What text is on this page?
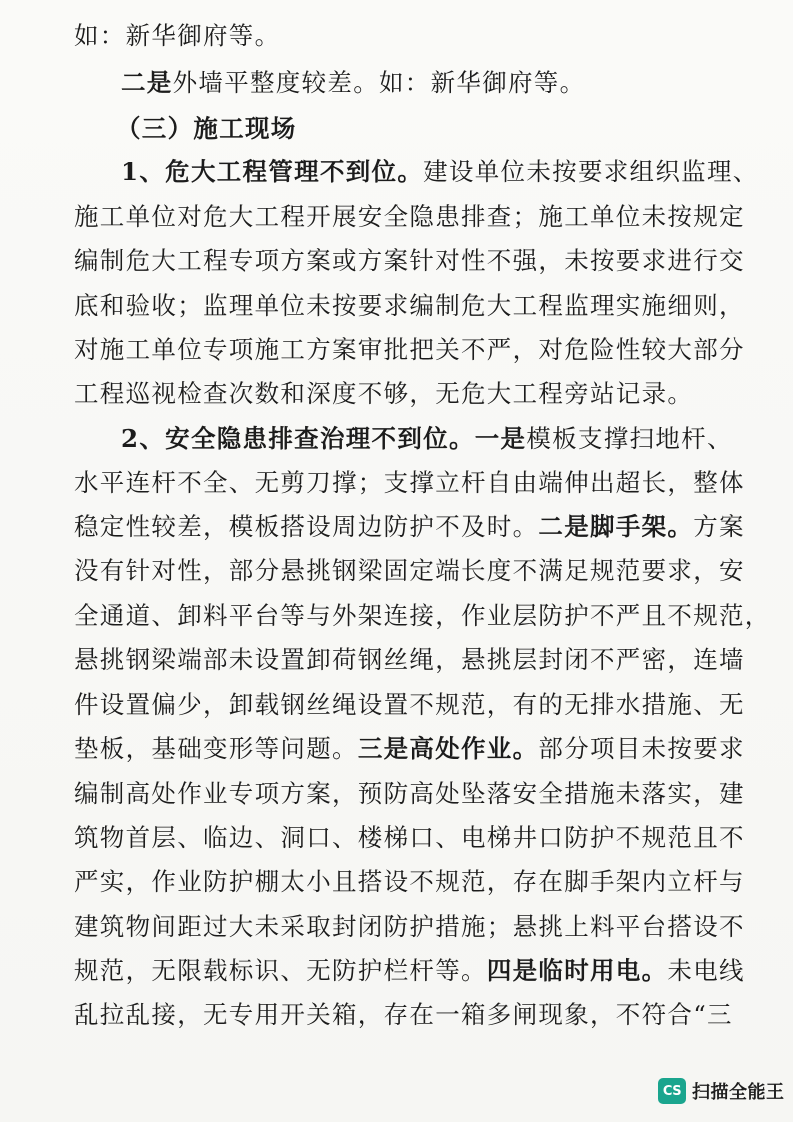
如：新华御府等。
二是外墙平整度较差。如：新华御府等。
（三）施工现场
1、危大工程管理不到位。建设单位未按要求组织监理、
施工单位对危大工程开展安全隐患排查；施工单位未按规定
编制危大工程专项方案或方案针对性不强，未按要求进行交
底和验收；监理单位未按要求编制危大工程监理实施细则，
对施工单位专项施工方案审批把关不严，对危险性较大部分
工程巡视检查次数和深度不够，无危大工程旁站记录。
2、安全隐患排查治理不到位。一是模板支撑扫地杆、
水平连杆不全、无剪刀撑；支撑立杆自由端伸出超长，整体
稳定性较差，模板搭设周边防护不及时。二是脚手架。方案
没有针对性，部分悬挑钢梁固定端长度不满足规范要求，安
全通道、卸料平台等与外架连接，作业层防护不严且不规范，
悬挑钢梁端部未设置卸荷钢丝绳，悬挑层封闭不严密，连墙
件设置偏少，卸载钢丝绳设置不规范，有的无排水措施、无
垫板，基础变形等问题。三是高处作业。部分项目未按要求
编制高处作业专项方案，预防高处坠落安全措施未落实，建
筑物首层、临边、洞口、楼梯口、电梯井口防护不规范且不
严实，作业防护棚太小且搭设不规范，存在脚手架内立杆与
建筑物间距过大未采取封闭防护措施；悬挑上料平台搭设不
规范，无限载标识、无防护栏杆等。四是临时用电。未电线
乱拉乱接，无专用开关箱，存在一箱多闸现象，不符合“三
CS 扫描全能王
